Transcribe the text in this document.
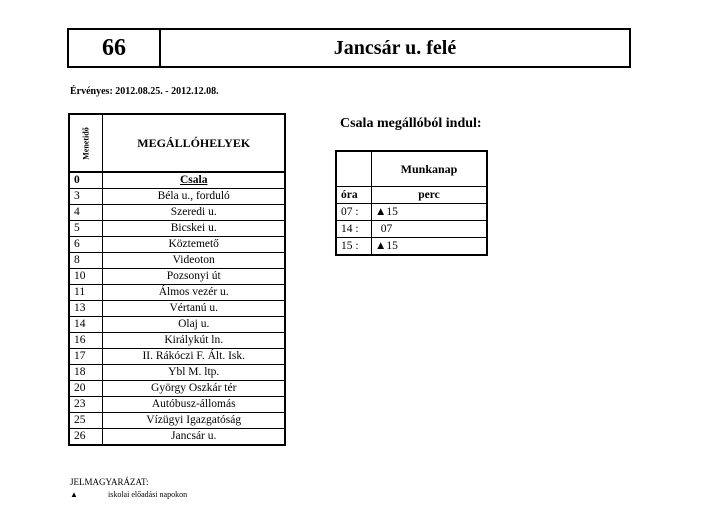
66	Jancsár u. felé
Érvényes: 2012.08.25. - 2012.12.08.
Menetidő	MEGÁLLÓHELYEK
0	Csala
3	Béla u., forduló
4	Szeredi u.
5	Bicskei u.
6	Köztemető
8	Videoton
10	Pozsonyi út
11	Álmos vezér u.
13	Vértanú u.
14	Olaj u.
16	Királykút ln.
17	II. Rákóczi F. Ált. Isk.
18	Ybl M. ltp.
20	György Oszkár tér
23	Autóbusz-állomás
25	Vízügyi Igazgatóság
26	Jancsár u.
Csala megállóból indul:
	Munkanap
óra	perc
07 :	▲15
14 :	07
15 :	▲15
JELMAGYARÁZAT:
▲	iskolai előadási napokon
